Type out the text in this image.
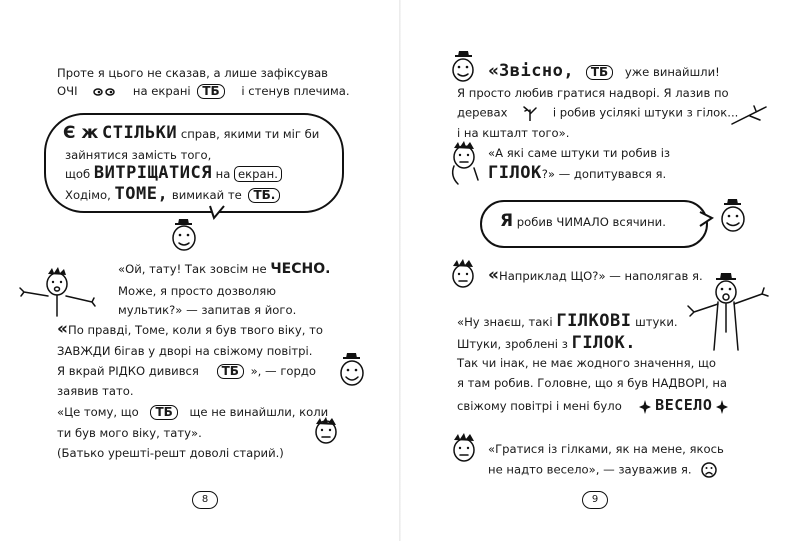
Проте я цього не сказав, а лише зафіксував
ОЧІ	на екрані ТБ і стенув плечима.
Є ж СТІЛЬКИ справ, якими ти міг би
зайнятися замість того,
щоб ВИТРІЩАТИСЯ на екран.
Ходімо, ТОМЕ, вимикай те ТБ.
«Ой, тату! Так зовсім не ЧЕСНО.
Може, я просто дозволяю
мультик?» — запитав я його.
«По правді, Томе, коли я був твого віку, то
ЗАВЖДИ бігав у дворі на свіжому повітрі.
Я вкрай РІДКО дивився ТБ », — гордо
заявив тато.
«Це тому, що ТБ ще не винайшли, коли
ти був мого віку, тату».
(Батько урешті-решт доволі старий.)
8
«Звісно, ТБ уже винайшли!
Я просто любив гратися надворі. Я лазив по
деревах	і робив усілякі штуки з гілок...
і на кшталт того».
«А які саме штуки ти робив із
ГІЛОК?» — допитувався я.
Я робив ЧИМАЛО всячини.
«Наприклад ЩО?» — наполягав я.
«Ну знаєш, такі ГІЛКОВІ штуки.
Штуки, зроблені з ГІЛОК.
Так чи інак, не має жодного значення, що
я там робив. Головне, що я був НАДВОРІ, на
свіжому повітрі і мені було ВЕСЕЛО
«Гратися із гілками, як на мене, якось
не надто весело», — зауважив я.
9
